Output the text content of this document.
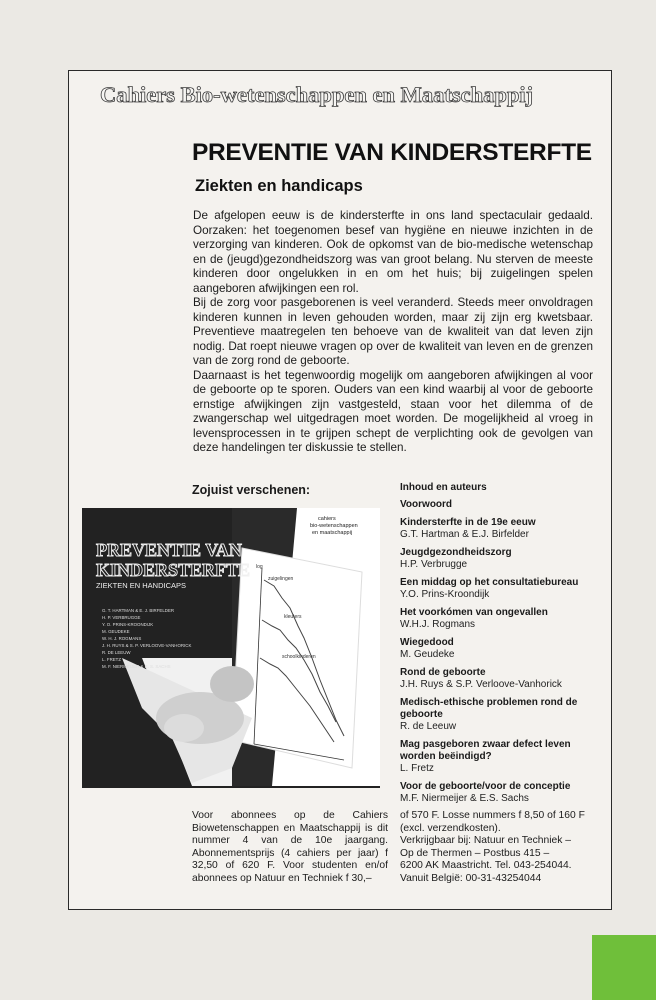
Cahiers Bio-wetenschappen en Maatschappij
PREVENTIE VAN KINDERSTERFTE
Ziekten en handicaps

De afgelopen eeuw is de kindersterfte in ons land spectaculair gedaald. Oorzaken: het toegenomen besef van hygiëne en nieuwe inzichten in de verzorging van kinderen. Ook de opkomst van de bio-medische wetenschap en de (jeugd)gezondheidszorg was van groot belang. Nu sterven de meeste kinderen door ongelukken in en om het huis; bij zuigelingen spelen aangeboren afwijkingen een rol.

Bij de zorg voor pasgeborenen is veel veranderd. Steeds meer onvoldragen kinderen kunnen in leven gehouden worden, maar zij zijn erg kwetsbaar. Preventieve maatregelen ten behoeve van de kwaliteit van dat leven zijn nodig. Dat roept nieuwe vragen op over de kwaliteit van leven en de grenzen van de zorg rond de geboorte.

Daarnaast is het tegenwoordig mogelijk om aangeboren afwijkingen al voor de geboorte op te sporen. Ouders van een kind waarbij al voor de geboorte ernstige afwijkingen zijn vastgesteld, staan voor het dilemma of de zwangerschap wel uitgedragen moet worden. De mogelijkheid al vroeg in levensprocessen in te grijpen schept de verplichting ook de gevolgen van deze handelingen ter diskussie te stellen.

Zojuist verschenen:
cahiers
bio-wetenschappen
en maatschappij
log
zuigelingen
kleuters
schoolkinderen
PREVENTIE VAN
KINDERSTERFTE
ZIEKTEN EN HANDICAPS
G. T. HARTMAN & E. J. BIRFELDER
H. P. VERBRUGGE
Y. O. PRINS-KROONDIJK
M. GEUDEKE
W. H. J. ROGMANS
J. H. RUYS & S. P. VERLOOVE-VANHORICK
R. DE LEEUW
L. FRETZ
M. F. NIERMEIJER & E. S. SACHS
Inhoud en auteurs
Voorwoord
Kindersterfte in de 19e eeuw
G.T. Hartman & E.J. Birfelder
Jeugdgezondheidszorg
H.P. Verbrugge
Een middag op het consultatiebureau
Y.O. Prins-Kroondijk
Het voorkómen van ongevallen
W.H.J. Rogmans
Wiegedood
M. Geudeke
Rond de geboorte
J.H. Ruys & S.P. Verloove-Vanhorick
Medisch-ethische problemen rond de geboorte
R. de Leeuw
Mag pasgeboren zwaar defect leven worden beëindigd?
L. Fretz
Voor de geboorte/voor de conceptie
M.F. Niermeijer & E.S. Sachs
Voor abonnees op de Cahiers Biowetenschappen en Maatschappij is dit nummer 4 van de 10e jaargang. Abonnementsprijs (4 cahiers per jaar) f 32,50 of 620 F. Voor studenten en/of abonnees op Natuur en Techniek f 30,–
of 570 F. Losse nummers f 8,50 of 160 F
(excl. verzendkosten).
Verkrijgbaar bij: Natuur en Techniek –
Op de Thermen – Postbus 415 –
6200 AK Maastricht. Tel. 043-254044.
Vanuit België: 00-31-43254044
